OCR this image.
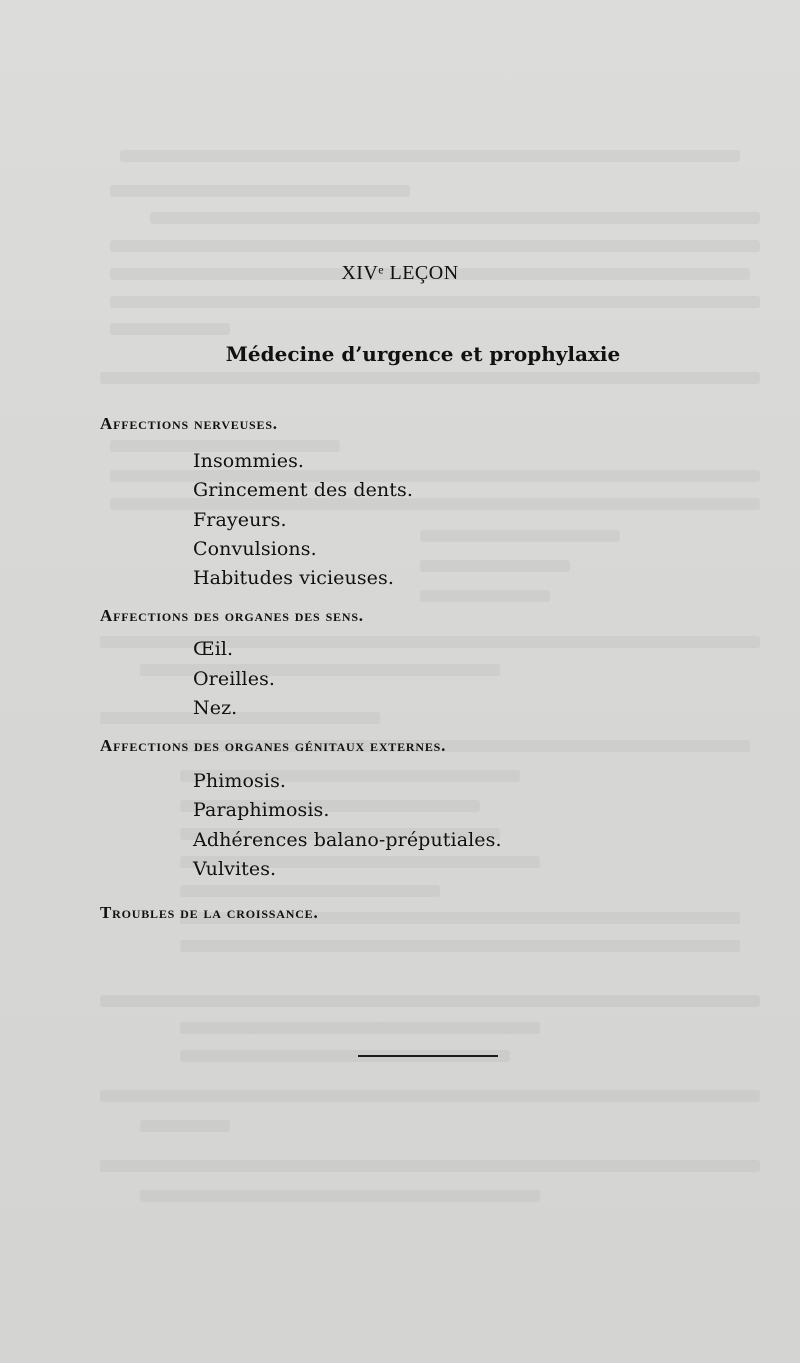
XIVᵉ LEÇON
Médecine d’urgence et prophylaxie
Affections nerveuses.
Insommies.
Grincement des dents.
Frayeurs.
Convulsions.
Habitudes vicieuses.
Affections des organes des sens.
Œil.
Oreilles.
Nez.
Affections des organes génitaux externes.
Phimosis.
Paraphimosis.
Adhérences balano-préputiales.
Vulvites.
Troubles de la croissance.
